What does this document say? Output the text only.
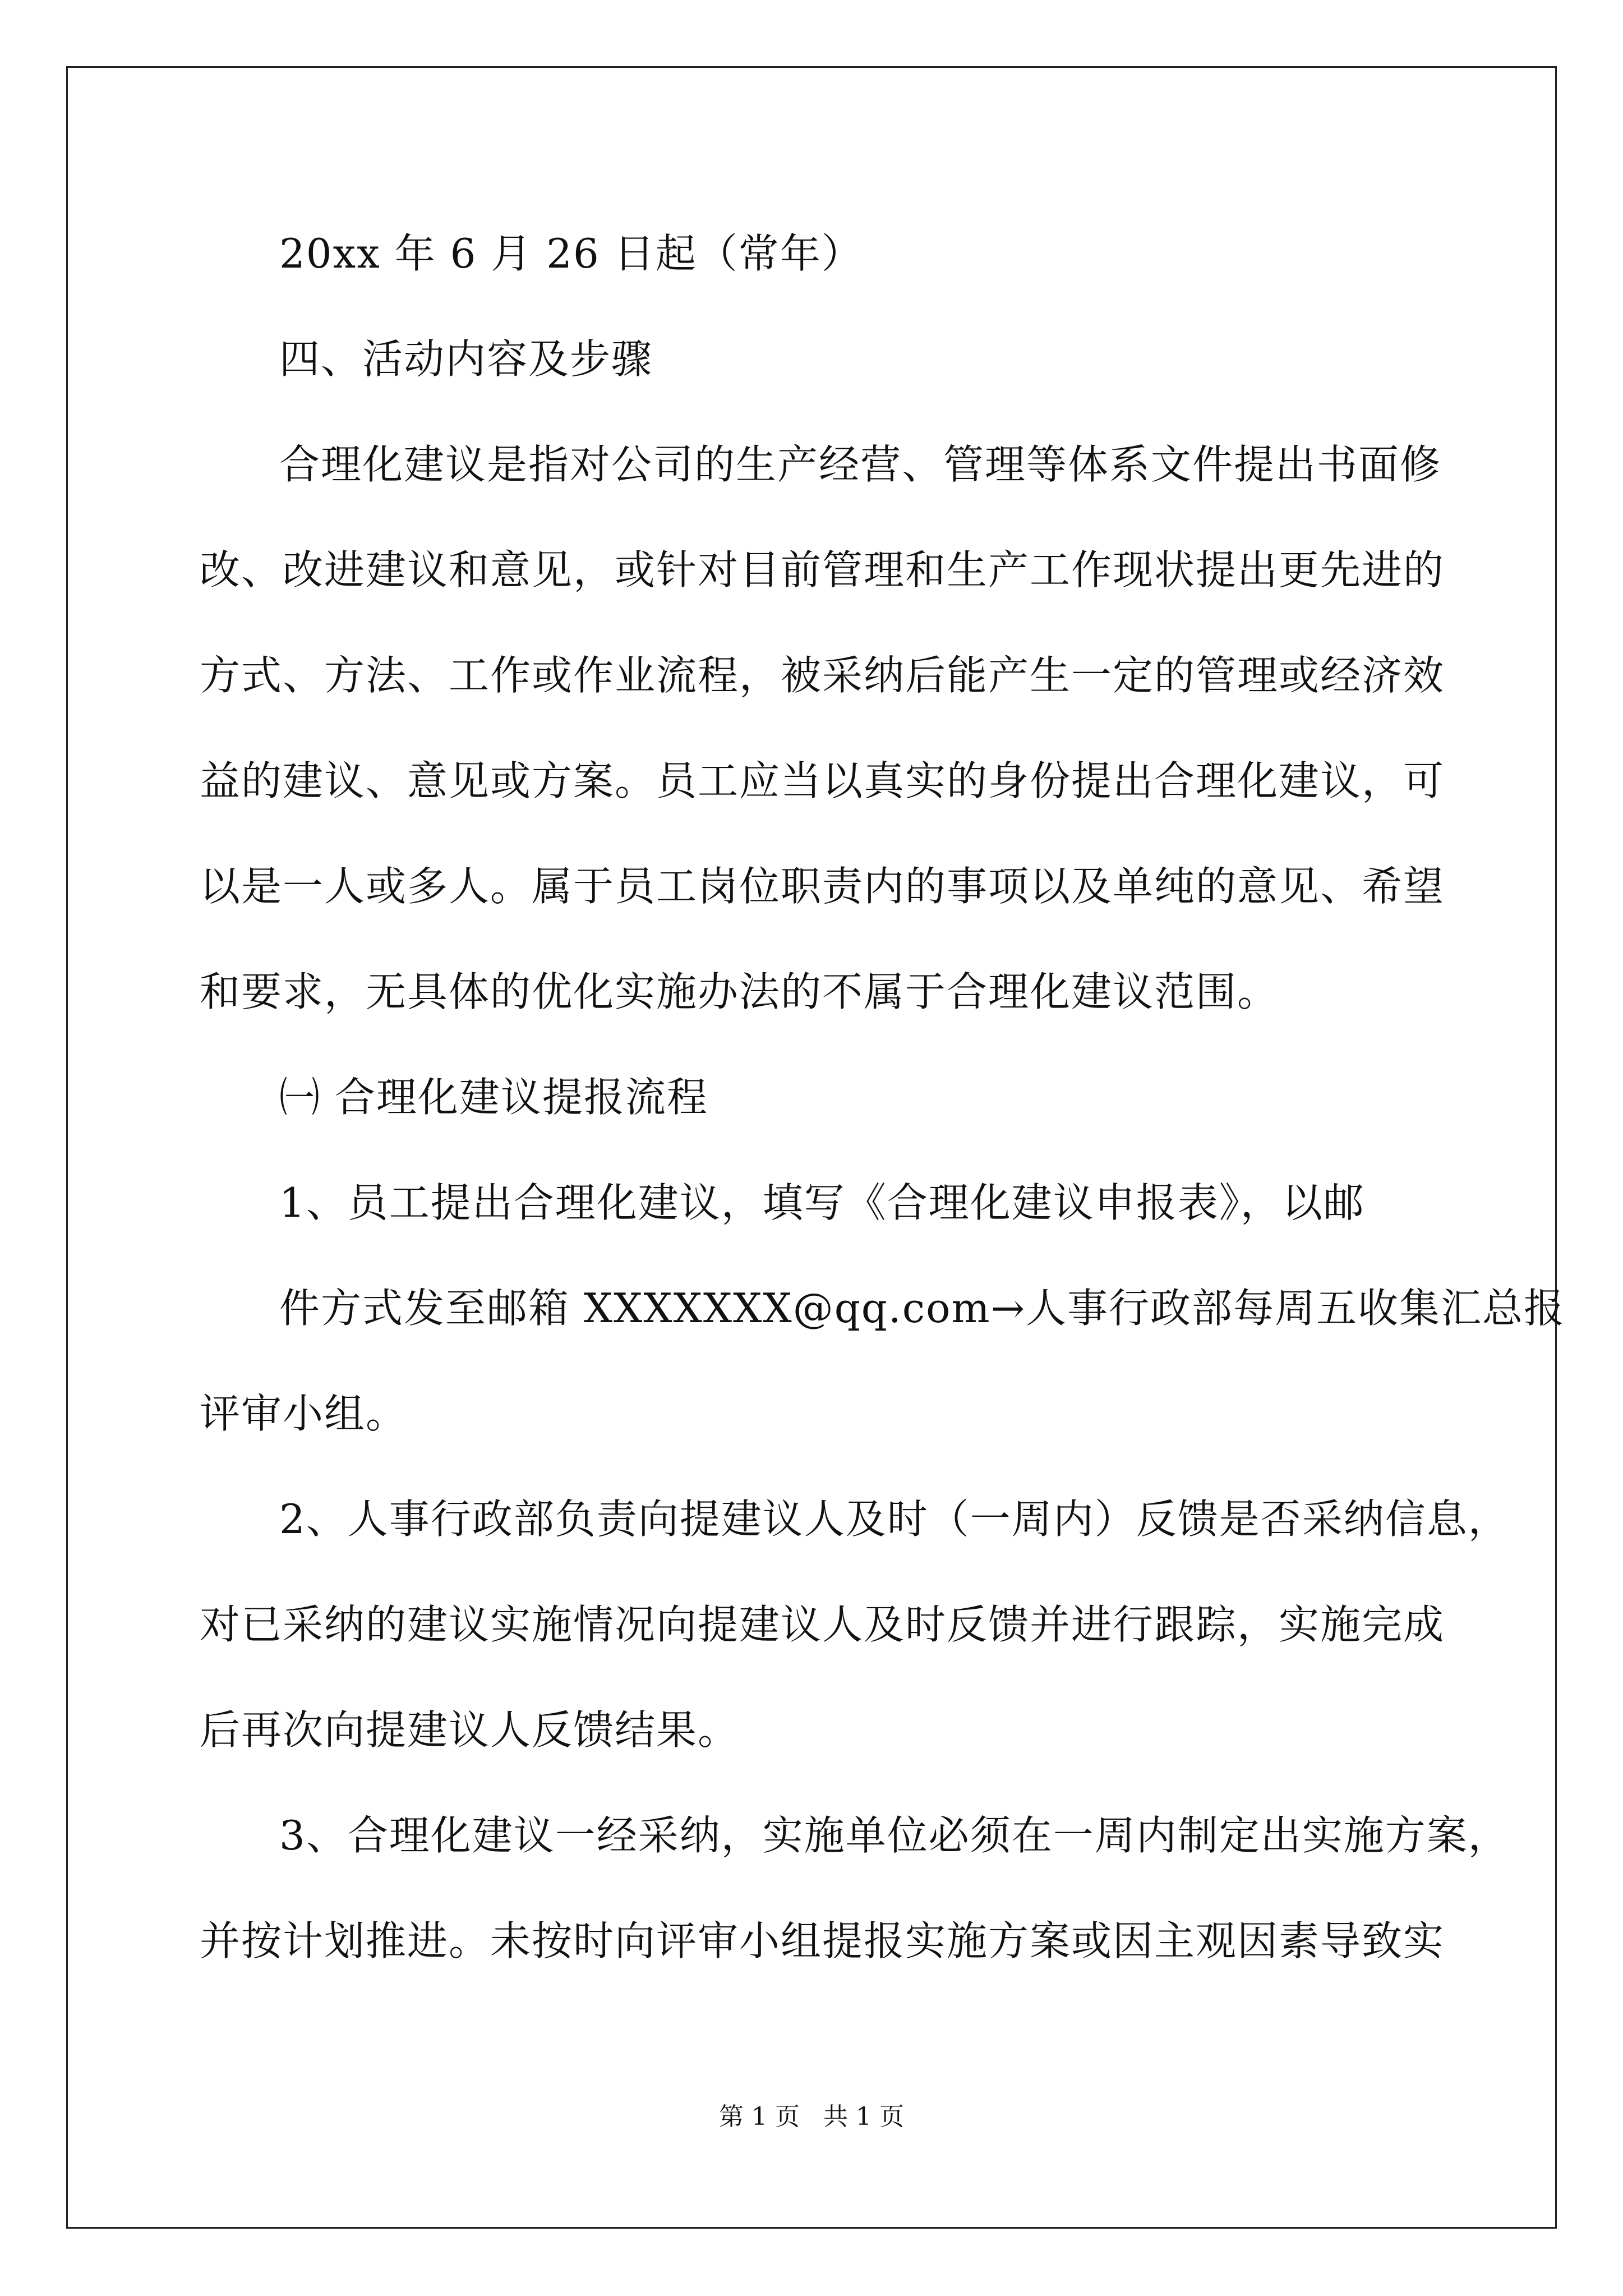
20xx 年 6 月 26 日起（常年）
四、活动内容及步骤
合理化建议是指对公司的生产经营、管理等体系文件提出书面修
改、改进建议和意见，或针对目前管理和生产工作现状提出更先进的
方式、方法、工作或作业流程，被采纳后能产生一定的管理或经济效
益的建议、意见或方案。员工应当以真实的身份提出合理化建议，可
以是一人或多人。属于员工岗位职责内的事项以及单纯的意见、希望
和要求，无具体的优化实施办法的不属于合理化建议范围。
㈠ 合理化建议提报流程
1、员工提出合理化建议，填写《合理化建议申报表》，以邮
件方式发至邮箱 XXXXXXX@qq.com→人事行政部每周五收集汇总报
评审小组。
2、人事行政部负责向提建议人及时（一周内）反馈是否采纳信息，
对已采纳的建议实施情况向提建议人及时反馈并进行跟踪，实施完成
后再次向提建议人反馈结果。
3、合理化建议一经采纳，实施单位必须在一周内制定出实施方案，
并按计划推进。未按时向评审小组提报实施方案或因主观因素导致实
第 1 页   共 1 页
